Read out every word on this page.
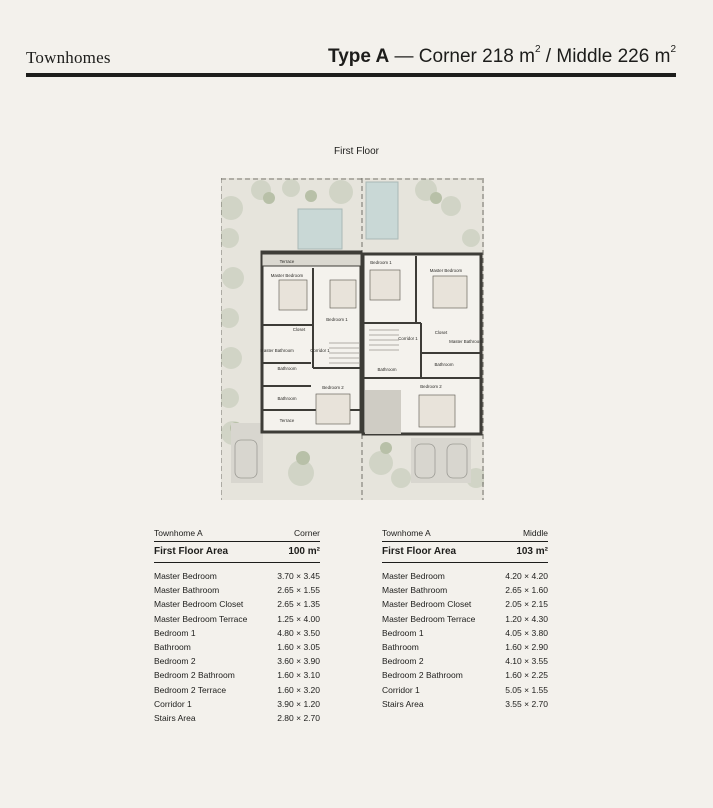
Townhomes	Type A — Corner 218 $m^2$ / Middle 226 $m^2$
First Floor
Terrace
Master Bedroom
Bedroom 1
Closet
Master Bathroom	Corridor 1
Bathroom
Bedroom 2
Bathroom
Terrace
Bedroom 1
Master Bedroom
Closet
Corridor 1
Master Bathroom
Bathroom
Bathroom
Bedroom 2
Townhome A	Corner
First Floor Area	100 m²
Master Bedroom	3.70 × 3.45
Master Bathroom	2.65 × 1.55
Master Bedroom Closet	2.65 × 1.35
Master Bedroom Terrace	1.25 × 4.00
Bedroom 1	4.80 × 3.50
Bathroom	1.60 × 3.05
Bedroom 2	3.60 × 3.90
Bedroom 2 Bathroom	1.60 × 3.10
Bedroom 2 Terrace	1.60 × 3.20
Corridor 1	3.90 × 1.20
Stairs Area	2.80 × 2.70
Townhome A	Middle
First Floor Area	103 m²
Master Bedroom	4.20 × 4.20
Master Bathroom	2.65 × 1.60
Master Bedroom Closet	2.05 × 2.15
Master Bedroom Terrace	1.20 × 4.30
Bedroom 1	4.05 × 3.80
Bathroom	1.60 × 2.90
Bedroom 2	4.10 × 3.55
Bedroom 2 Bathroom	1.60 × 2.25
Corridor 1	5.05 × 1.55
Stairs Area	3.55 × 2.70
